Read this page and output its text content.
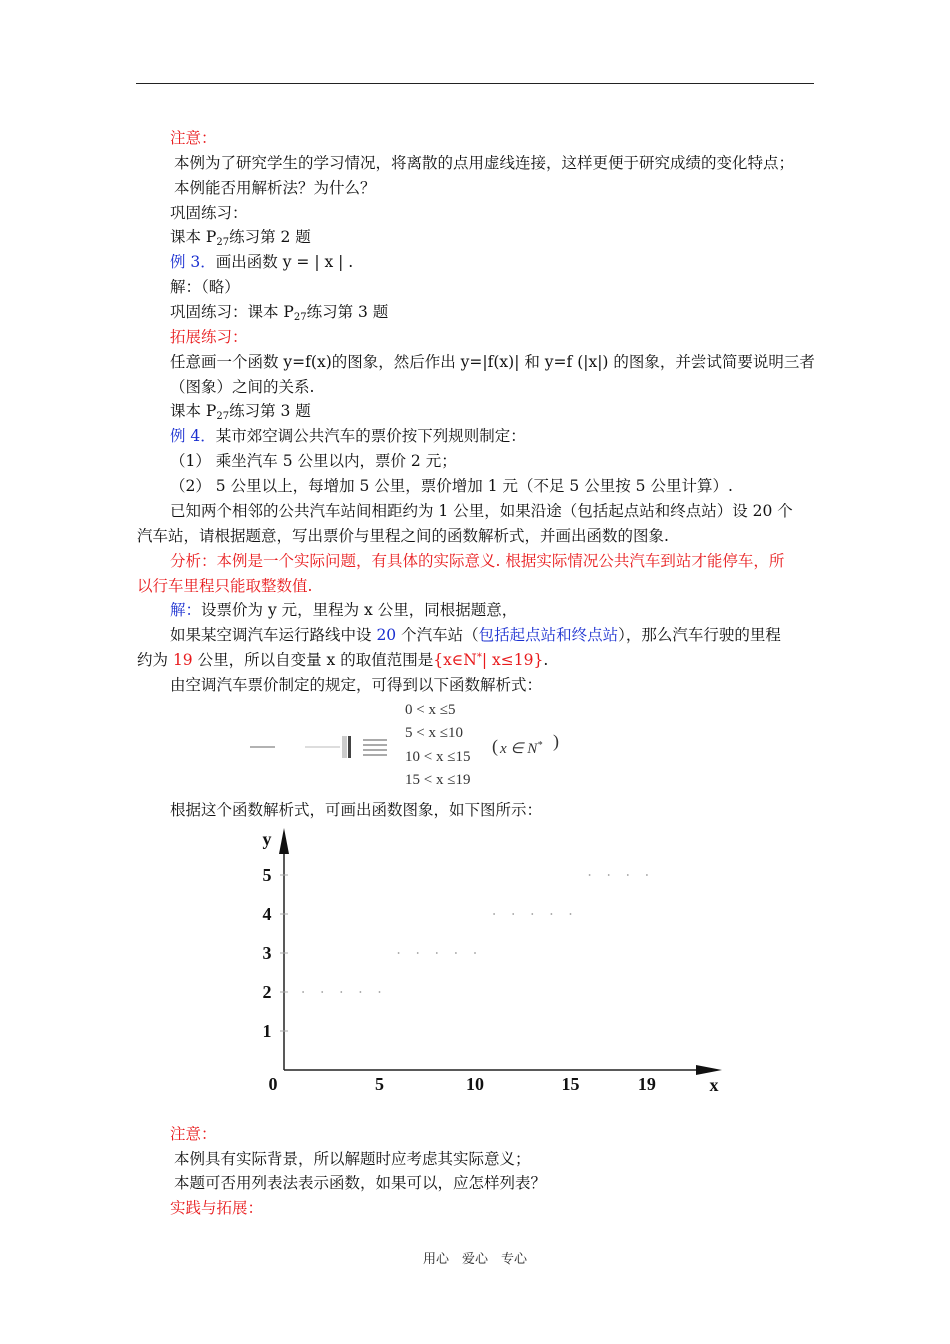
注意：
本例为了研究学生的学习情况，将离散的点用虚线连接，这样更便于研究成绩的变化特点；
本例能否用解析法？为什么？
巩固练习：
课本 $P_{27}$练习第 2 题
例 3．画出函数 y = | x | .
解：（略）
巩固练习：课本 $P_{27}$练习第 3 题
拓展练习：
任意画一个函数 y=f(x)的图象，然后作出 y=|f(x)| 和 y=f (|x|) 的图象，并尝试简要说明三者
（图象）之间的关系.
课本 $P_{27}$练习第 3 题
例 4．某市郊空调公共汽车的票价按下列规则制定：
（1） 乘坐汽车 5 公里以内，票价 2 元；
（2） 5 公里以上，每增加 5 公里，票价增加 1 元（不足 5 公里按 5 公里计算）.
已知两个相邻的公共汽车站间相距约为 1 公里，如果沿途（包括起点站和终点站）设 20 个
汽车站，请根据题意，写出票价与里程之间的函数解析式，并画出函数的图象.
分析：本例是一个实际问题，有具体的实际意义. 根据实际情况公共汽车到站才能停车，所
以行车里程只能取整数值.
解：设票价为 y 元，里程为 x 公里，同根据题意，
如果某空调汽车运行路线中设 20 个汽车站（包括起点站和终点站），那么汽车行驶的里程
约为 19 公里，所以自变量 x 的取值范围是{x∈N*| x≤19}.
由空调汽车票价制定的规定，可得到以下函数解析式：
0 < x ≤5
5 < x ≤10
10 < x ≤15
15 < x ≤19
( x ∈ N* )
根据这个函数解析式，可画出函数图象，如下图所示：
0	5	10	15	19
1
2
3
4
5
x
y
注意：
本例具有实际背景，所以解题时应考虑其实际意义；
本题可否用列表法表示函数，如果可以，应怎样列表？
实践与拓展：
用心　爱心　专心
